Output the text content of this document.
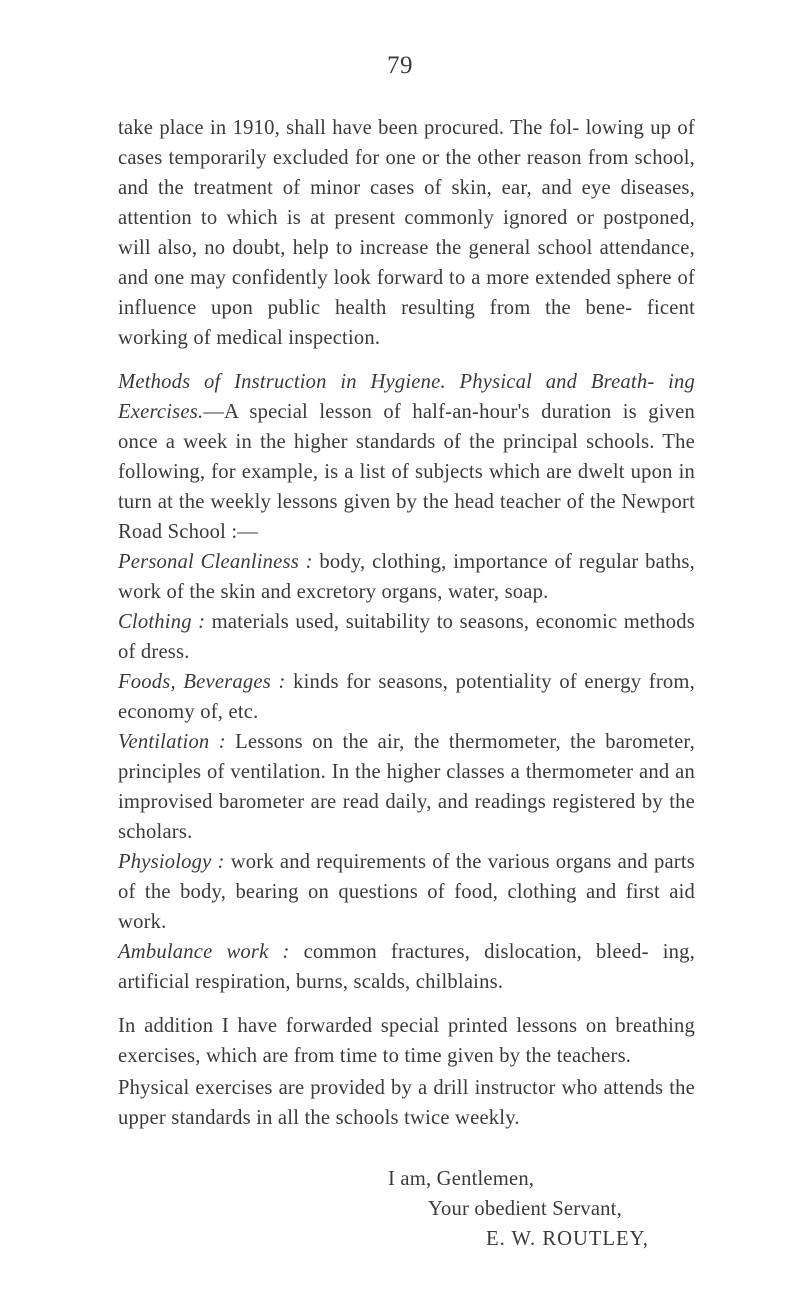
79

take place in 1910, shall have been procured. The fol- lowing up of cases temporarily excluded for one or the other reason from school, and the treatment of minor cases of skin, ear, and eye diseases, attention to which is at present commonly ignored or postponed, will also, no doubt, help to increase the general school attendance, and one may confidently look forward to a more extended sphere of influence upon public health resulting from the bene- ficent working of medical inspection.

Methods of Instruction in Hygiene. Physical and Breath- ing Exercises.—A special lesson of half-an-hour's duration is given once a week in the higher standards of the principal schools. The following, for example, is a list of subjects which are dwelt upon in turn at the weekly lessons given by the head teacher of the Newport Road School :—

Personal Cleanliness : body, clothing, importance of regular baths, work of the skin and excretory organs, water, soap.

Clothing : materials used, suitability to seasons, economic methods of dress.

Foods, Beverages : kinds for seasons, potentiality of energy from, economy of, etc.

Ventilation : Lessons on the air, the thermometer, the barometer, principles of ventilation. In the higher classes a thermometer and an improvised barometer are read daily, and readings registered by the scholars.

Physiology : work and requirements of the various organs and parts of the body, bearing on questions of food, clothing and first aid work.

Ambulance work : common fractures, dislocation, bleed- ing, artificial respiration, burns, scalds, chilblains.

In addition I have forwarded special printed lessons on breathing exercises, which are from time to time given by the teachers.

Physical exercises are provided by a drill instructor who attends the upper standards in all the schools twice weekly.

I am, Gentlemen,
Your obedient Servant,
E. W. ROUTLEY,
